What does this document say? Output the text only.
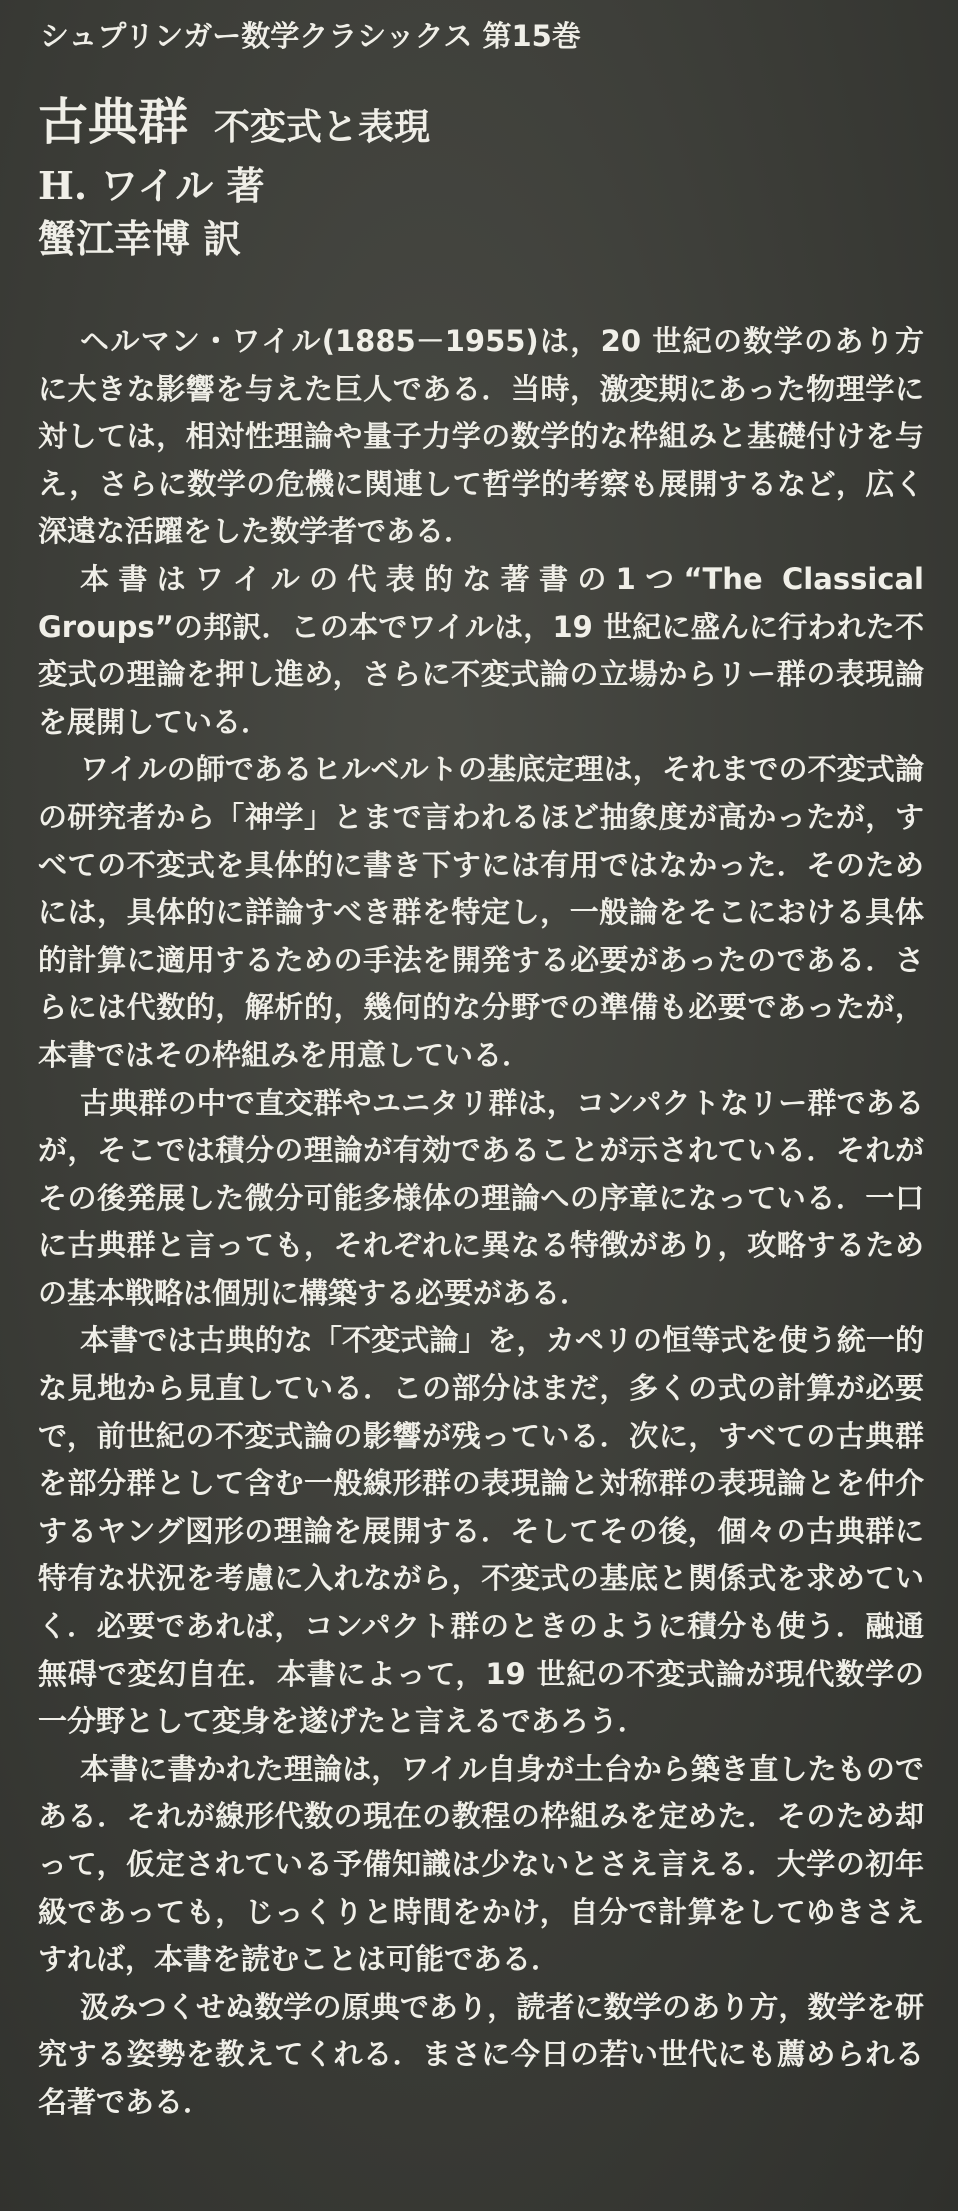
シュプリンガー数学クラシックス 第15巻
古典群 不変式と表現
H. ワイル 著
蟹江幸博 訳

ヘルマン・ワイル(1885－1955)は，20 世紀の数学のあり方に大きな影響を与えた巨人である．当時，激変期にあった物理学に対しては，相対性理論や量子力学の数学的な枠組みと基礎付けを与え，さらに数学の危機に関連して哲学的考察も展開するなど，広く深遠な活躍をした数学者である．

本書はワイルの代表的な著書の1つ“The Classical Groups”の邦訳．この本でワイルは，19 世紀に盛んに行われた不変式の理論を押し進め，さらに不変式論の立場からリー群の表現論を展開している．

ワイルの師であるヒルベルトの基底定理は，それまでの不変式論の研究者から「神学」とまで言われるほど抽象度が高かったが，すべての不変式を具体的に書き下すには有用ではなかった．そのためには，具体的に詳論すべき群を特定し，一般論をそこにおける具体的計算に適用するための手法を開発する必要があったのである．さらには代数的，解析的，幾何的な分野での準備も必要であったが，本書ではその枠組みを用意している．

古典群の中で直交群やユニタリ群は，コンパクトなリー群であるが，そこでは積分の理論が有効であることが示されている．それがその後発展した微分可能多様体の理論への序章になっている．一口に古典群と言っても，それぞれに異なる特徴があり，攻略するための基本戦略は個別に構築する必要がある．

本書では古典的な「不変式論」を，カペリの恒等式を使う統一的な見地から見直している．この部分はまだ，多くの式の計算が必要で，前世紀の不変式論の影響が残っている．次に，すべての古典群を部分群として含む一般線形群の表現論と対称群の表現論とを仲介するヤング図形の理論を展開する．そしてその後，個々の古典群に特有な状況を考慮に入れながら，不変式の基底と関係式を求めていく．必要であれば，コンパクト群のときのように積分も使う．融通無碍で変幻自在．本書によって，19 世紀の不変式論が現代数学の一分野として変身を遂げたと言えるであろう．

本書に書かれた理論は，ワイル自身が土台から築き直したものである．それが線形代数の現在の教程の枠組みを定めた．そのため却って，仮定されている予備知識は少ないとさえ言える．大学の初年級であっても，じっくりと時間をかけ，自分で計算をしてゆきさえすれば，本書を読むことは可能である．

汲みつくせぬ数学の原典であり，読者に数学のあり方，数学を研究する姿勢を教えてくれる．まさに今日の若い世代にも薦められる名著である．
